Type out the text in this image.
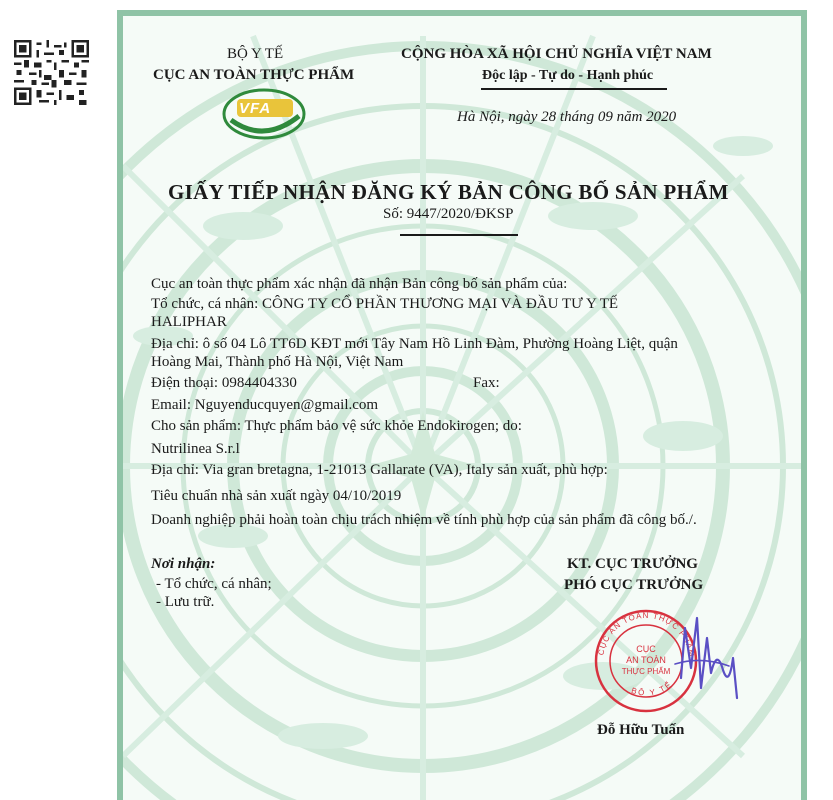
BỘ Y TẾ
CỤC AN TOÀN THỰC PHẨM
VFA
CỘNG HÒA XÃ HỘI CHỦ NGHĨA VIỆT NAM
Độc lập - Tự do - Hạnh phúc
Hà Nội, ngày 28 tháng 09 năm 2020
GIẤY TIẾP NHẬN ĐĂNG KÝ BẢN CÔNG BỐ SẢN PHẨM
Số: 9447/2020/ĐKSP
Cục an toàn thực phẩm xác nhận đã nhận Bản công bố sản phẩm của:
Tổ chức, cá nhân: CÔNG TY CỔ PHẦN THƯƠNG MẠI VÀ ĐẦU TƯ Y TẾ
HALIPHAR
Địa chỉ: ô số 04 Lô TT6D KĐT mới Tây Nam Hồ Linh Đàm, Phường Hoàng Liệt, quận
Hoàng Mai, Thành phố Hà Nội, Việt Nam
Điện thoại: 0984404330	Fax:
Email: Nguyenducquyen@gmail.com
Cho sản phẩm: Thực phẩm bảo vệ sức khỏe Endokirogen; do:
Nutrilinea S.r.l
Địa chỉ: Via gran bretagna, 1-21013 Gallarate (VA), Italy sản xuất, phù hợp:
Tiêu chuẩn nhà sản xuất ngày 04/10/2019
Doanh nghiệp phải hoàn toàn chịu trách nhiệm về tính phù hợp của sản phẩm đã công bố./.
Nơi nhận:
- Tổ chức, cá nhân;
- Lưu trữ.
KT. CỤC TRƯỞNG
PHÓ CỤC TRƯỞNG
CỤC AN TOÀN THỰC PHẨM
BỘ Y TẾ
CỤC
AN TOÀN
THỰC PHẨM
Đỗ Hữu Tuấn
